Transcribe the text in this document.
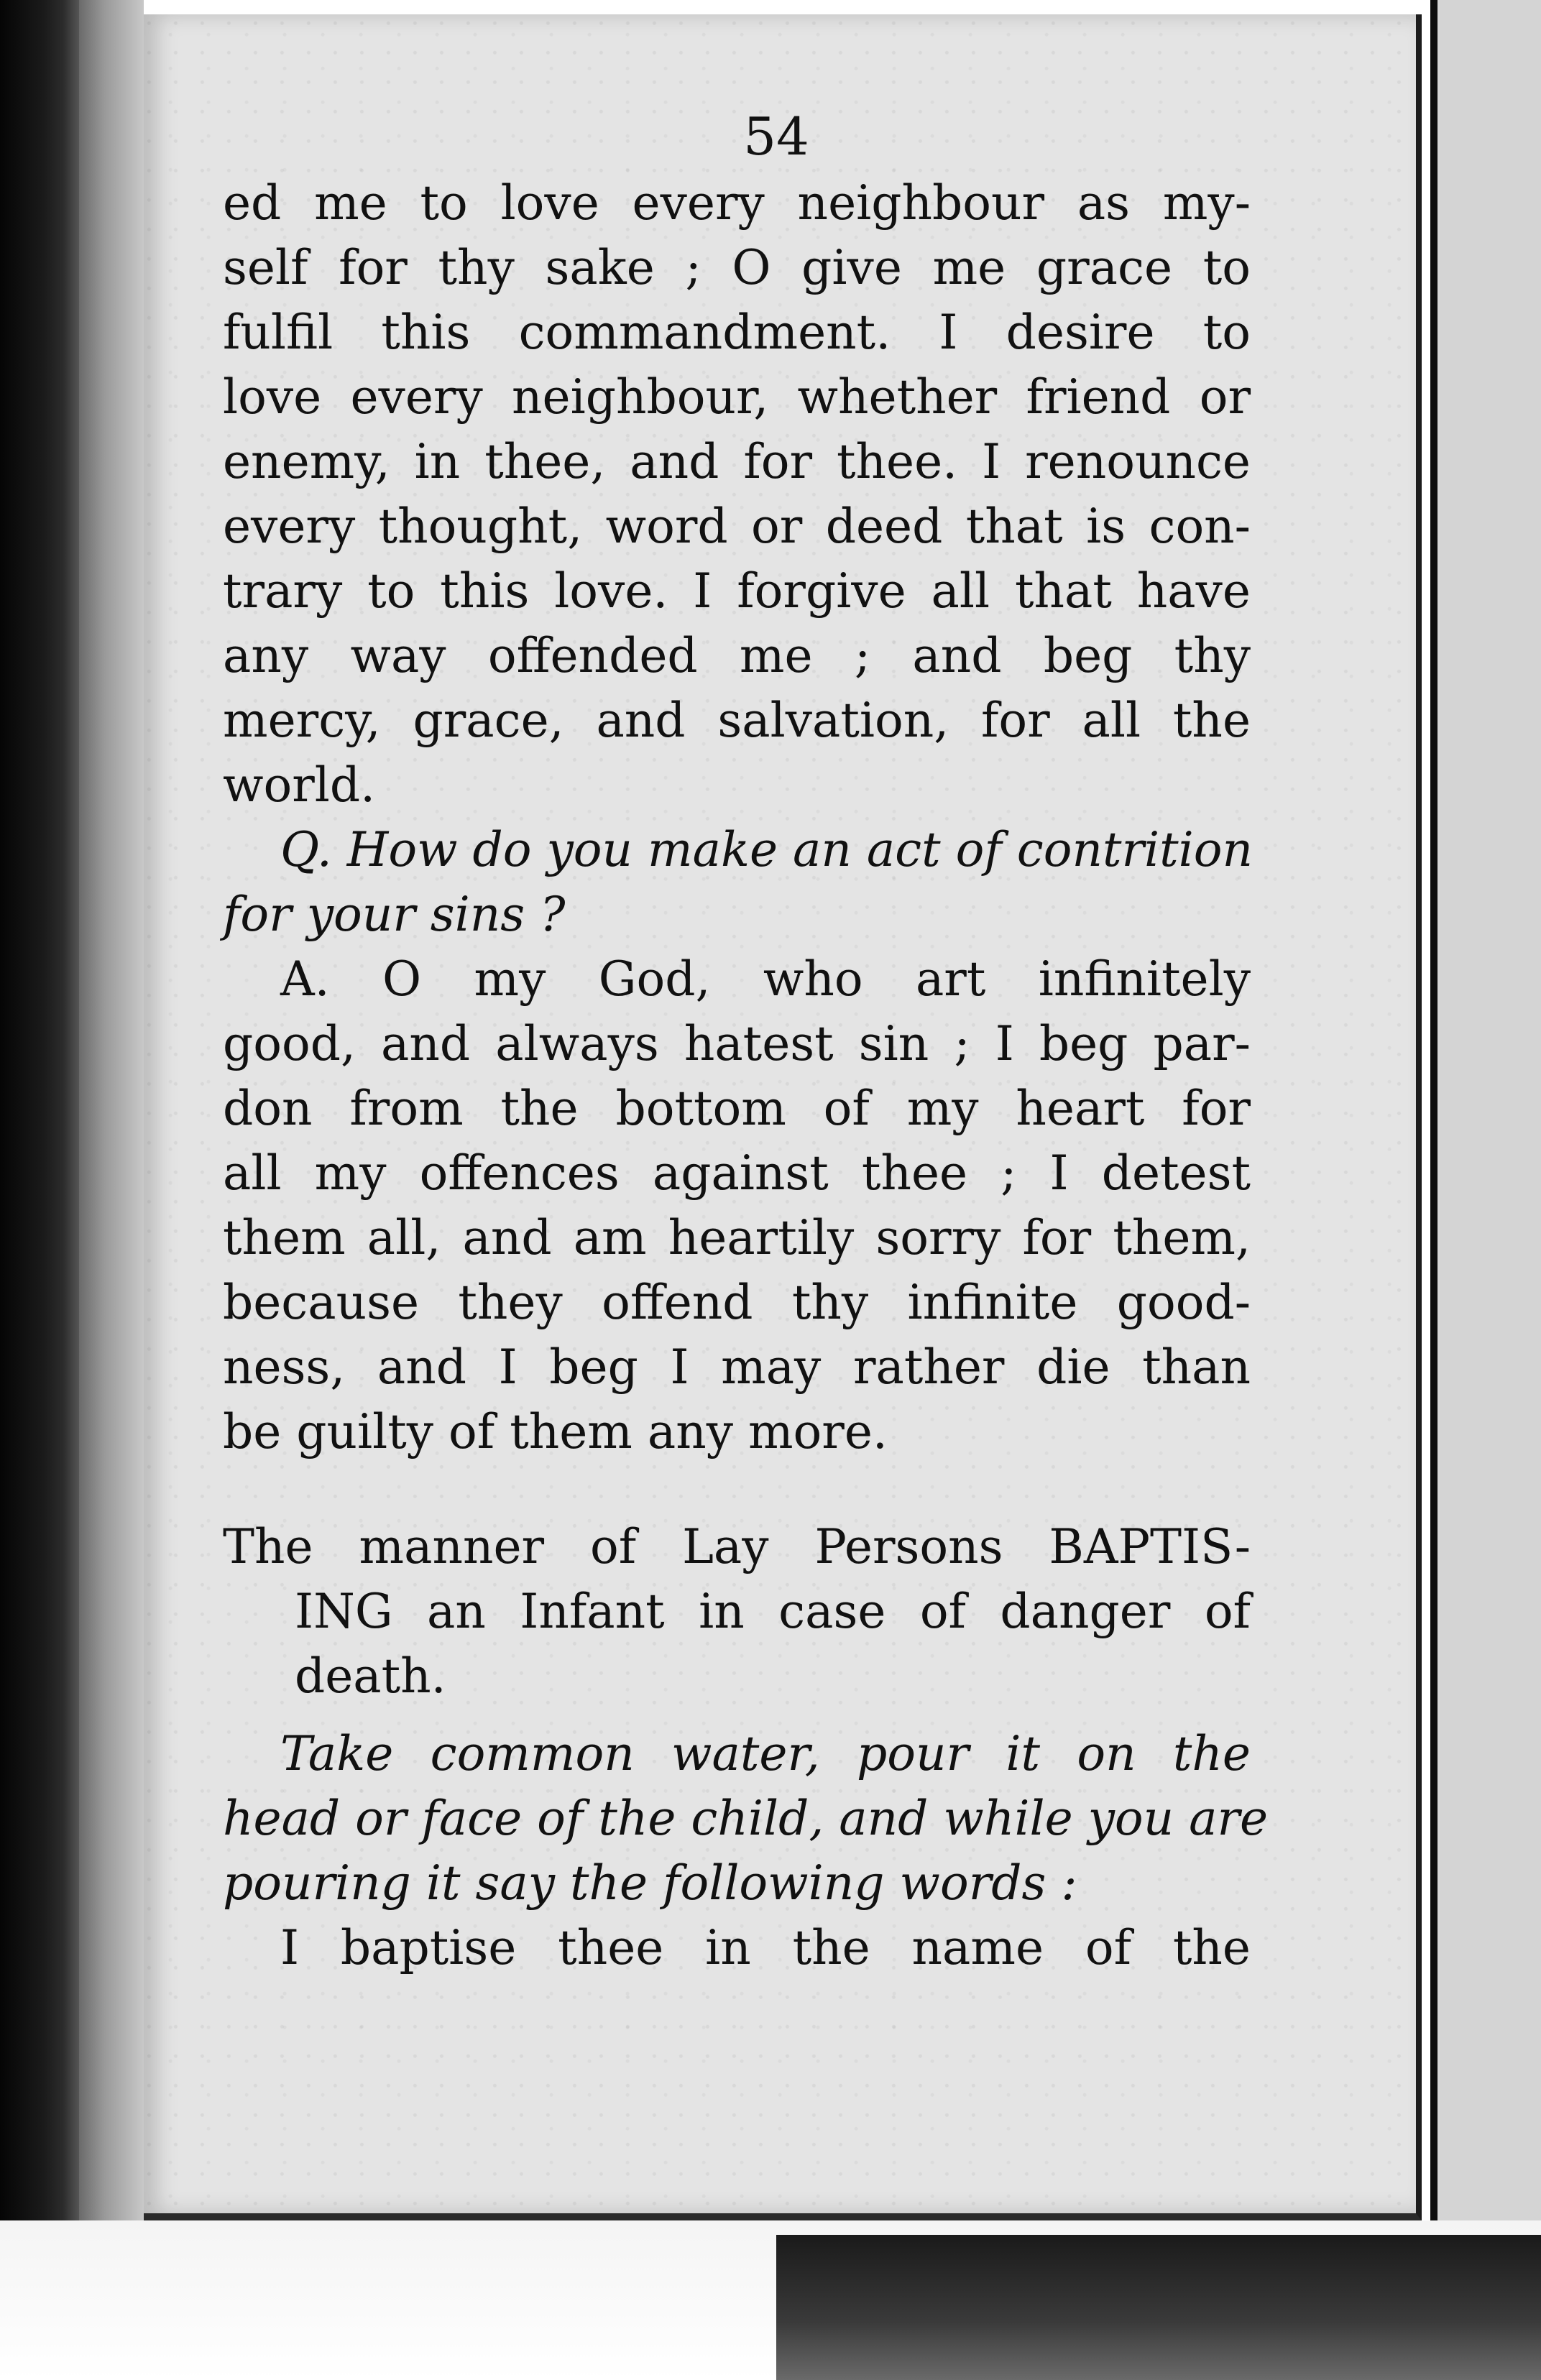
54
ed me to love every neighbour as my-
self for thy sake ; O give me grace to
fulfil this commandment. I desire to
love every neighbour, whether friend or
enemy, in thee, and for thee. I renounce
every thought, word or deed that is con-
trary to this love. I forgive all that have
any way offended me ; and beg thy
mercy, grace, and salvation, for all the
world.
Q. How do you make an act of contrition
for your sins ?
A. O my God, who art infinitely
good, and always hatest sin ; I beg par-
don from the bottom of my heart for
all my offences against thee ; I detest
them all, and am heartily sorry for them,
because they offend thy infinite good-
ness, and I beg I may rather die than
be guilty of them any more.
The manner of Lay Persons BAPTIS-
ING an Infant in case of danger of
death.
Take common water, pour it on the
head or face of the child, and while you are
pouring it say the following words :
I baptise thee in the name of the
